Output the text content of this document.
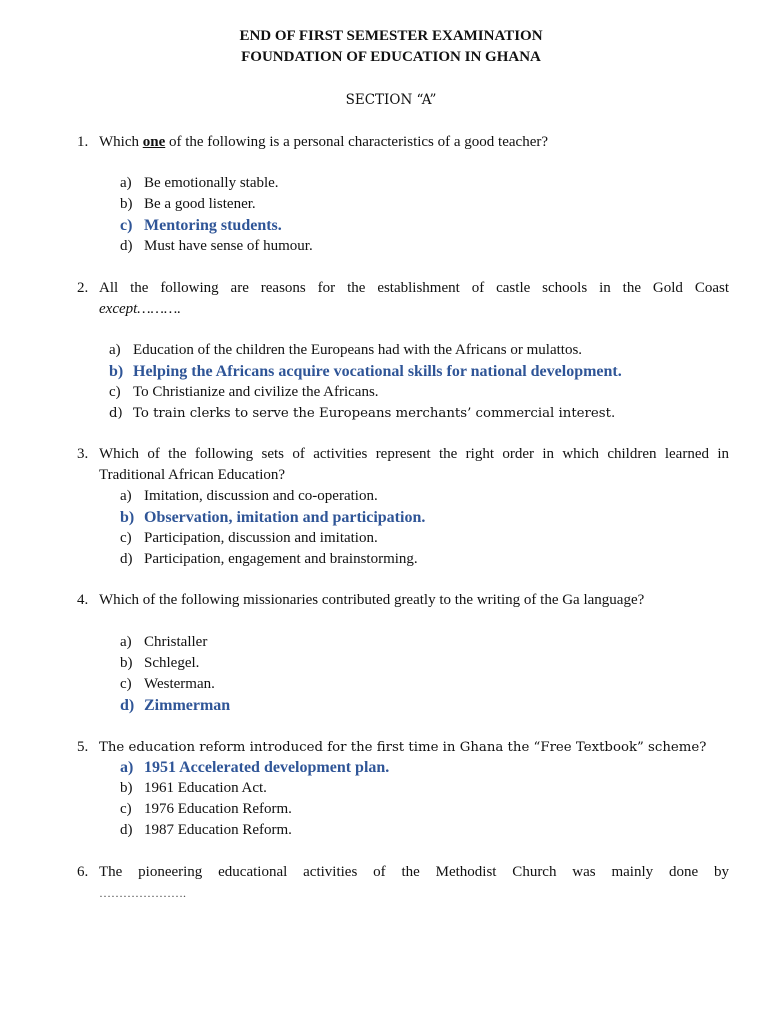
END OF FIRST SEMESTER EXAMINATION
FOUNDATION OF EDUCATION IN GHANA
SECTION “A”
1. Which one of the following is a personal characteristics of a good teacher?
a) Be emotionally stable.
b) Be a good listener.
c) Mentoring students.
d) Must have sense of humour.
2. All the following are reasons for the establishment of castle schools in the Gold Coast
except……….
a) Education of the children the Europeans had with the Africans or mulattos.
b) Helping the Africans acquire vocational skills for national development.
c) To Christianize and civilize the Africans.
d) To train clerks to serve the Europeans merchants’ commercial interest.
3. Which of the following sets of activities represent the right order in which children learned in
Traditional African Education?
a) Imitation, discussion and co-operation.
b) Observation, imitation and participation.
c) Participation, discussion and imitation.
d) Participation, engagement and brainstorming.
4. Which of the following missionaries contributed greatly to the writing of the Ga language?
a) Christaller
b) Schlegel.
c) Westerman.
d) Zimmerman
5. The education reform introduced for the first time in Ghana the “Free Textbook” scheme?
a) 1951 Accelerated development plan.
b) 1961 Education Act.
c) 1976 Education Reform.
d) 1987 Education Reform.
6. The pioneering educational activities of the Methodist Church was mainly done by
………………….
